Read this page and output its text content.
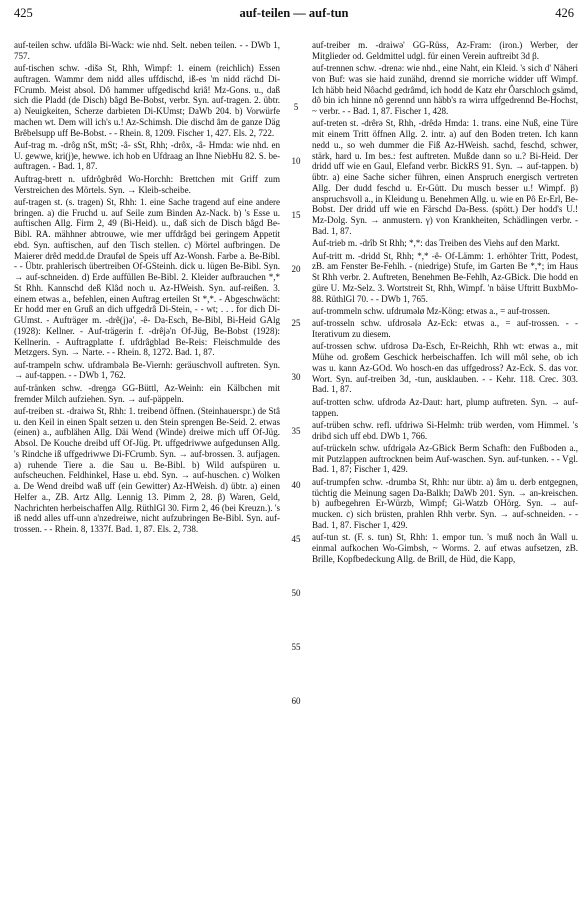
425	auf-teilen — auf-tun	426

auf-teilen schw. ufdâlə Bi-Wack: wie nhd. Selt. neben teilen. - - DWb 1, 757.

auf-tischen schw. -dišə St, Rhh, Wimpf: 1. einem (reichlich) Essen auftragen. Wammr dem nidd alles uffdischd, iß-es 'm nidd rächd Di-FCrumb. Meist absol. Dô hammer uffgedischd kriâ! Mz-Gons. u., daß sich die Pladd (de Disch) bâgd Be-Bobst, verbr. Syn. auf-tragen. 2. übtr. a) Neuigkeiten, Scherze darbieten Di-KUmst; DaWb 204. b) Vorwürfe machen wt. Dem will ich's u.! Az-Schimsh. Die dischd âm de ganze Däg Brêbelsupp uff Be-Bobst. - - Rhein. 8, 1209. Fischer 1, 427. Els. 2, 722.

Auf-trag m. -drôg nSt, mSt; -â- sSt, Rhh; -drôx, -â- Hmda: wie nhd. en U. gewwe, kri(j)e, hewwe. ich hob en Ufdraag an Ihne NiebHu 82. S. be-auftragen. - Bad. 1, 87.

Auftrag-brett n. ufdrôgbrêd Wo-Horchh: Brettchen mit Griff zum Verstreichen des Mörtels. Syn. → Kleib-scheibe.

auf-tragen st. (s. tragen) St, Rhh: 1. eine Sache tragend auf eine andere bringen. a) die Fruchd u. auf Seile zum Binden Az-Nack. b) 's Esse u. auftischen Allg. Firm 2, 49 (Bi-Heid). u., daß sich de Disch bâgd Be-Bibl. RA. mähhner abtrouwe, wie mer uffdrâgd bei geringem Appetit ebd. Syn. auftischen, auf den Tisch stellen. c) Mörtel aufbringen. De Maierer drêd medd.de Drauføl de Speis uff Az-Wonsh. Farbe a. Be-Bibl. - - Übtr. prahlerisch übertreiben Of-GSteinh. dick u. lügen Be-Bibl. Syn. → auf-schneiden. d) Erde auffüllen Be-Bibl. 2. Kleider aufbrauchen *,* St Rhh. Kannschd deß Klâd noch u. Az-HWeish. Syn. auf-reißen. 3. einem etwas a., befehlen, einen Auftrag erteilen St *,*. - Abgeschwächt: Er hodd mer en Gruß an dich uffgedrâ Di-Stein, - - wt; . . . for dich Di-GUmst. - Aufträger m. -drê(j)ə', -ê- Da-Esch, Be-Bibl, Bi-Heid GAlg (1928): Kellner. - Auf-trägerin f. -drêjə'n Of-Jüg, Be-Bobst (1928): Kellnerin. - Auftragplatte f. ufdrâgblad Be-Reis: Fleischmulde des Metzgers. Syn. → Narte. - - Rhein. 8, 1272. Bad. 1, 87.

auf-trampeln schw. ufdrambələ Be-Viernh: geräuschvoll auftreten. Syn. → auf-tappen. - - DWb 1, 762.

auf-tränken schw. -dreŋgə GG-Büttl, Az-Weinh: ein Kälbchen mit fremder Milch aufziehen. Syn. → auf-päppeln.

auf-treiben st. -draiwə St, Rhh: 1. treibend öffnen. (Steinhauerspr.) de Stâ u. den Keil in einen Spalt setzen u. den Stein sprengen Be-Seid. 2. etwas (einen) a., aufblähen Allg. Däi Wend (Winde) dreiwe mich uff Of-Jüg. Absol. De Kouche dreibd uff Of-Jüg. Pt. uffgedriwwe aufgedunsen Allg. 's Rindche iß uffgedriwwe Di-FCrumb. Syn. → auf-brossen. 3. aufjagen. a) ruhende Tiere a. die Sau u. Be-Bibl. b) Wild aufspüren u. aufscheuchen. Feldhinkel, Hase u. ebd. Syn. → auf-huschen. c) Wolken a. De Wend dreibd waß uff (ein Gewitter) Az-HWeish. d) übtr. a) einen Helfer a., ZB. Artz Allg. Lennig 13. Pimm 2, 28. β) Waren, Geld, Nachrichten herbeischaffen Allg. RüthlGl 30. Firm 2, 46 (bei Kreuzn.). 's iß nedd alles uff-unn a'nzedreiwe, nicht aufzubringen Be-Bibl. Syn. auf-trossen. - - Rhein. 8, 1337f. Bad. 1, 87. Els. 2, 738.

5
10
15
20
25
30
35
40
45
50
55
60

auf-treiber m. -draiwə' GG-Rüss, Az-Fram: (iron.) Werber, der Mitglieder od. Geldmittel udgl. für einen Verein auftreibt 3d β.

auf-trennen schw. -drenə: wie nhd., eine Naht, ein Kleid. 's sich d' Näheri von Buf: was sie haid zunähd, drennd sie morriche widder uff Wimpf. Ich häbb heid Nôachd gedrâmd, ich hodd de Katz ehr Ôarschloch gsämd, dô bin ich hinne nô gerennd unn häbb's ra wirra uffgedrennd Be-Hochst, ~ verbr. - - Bad. 1, 87. Fischer 1, 428.

auf-treten st. -drêrə St, Rhh, -drêdə Hmda: 1. trans. eine Nuß, eine Türe mit einem Tritt öffnen Allg. 2. intr. a) auf den Boden treten. Ich kann nedd u., so weh dummer die Fiß Az-HWeish. sachd, feschd, schwer, stärk, hard u. Im bes.: fest auftreten. Mußde dann so u.? Bi-Heid. Der dridd uff wie en Gaul, Elefand verbr. BickRS 91. Syn. → auf-tappen. b) übtr. a) eine Sache sicher führen, einen Anspruch energisch vertreten Allg. Der dudd feschd u. Er-Gütt. Du musch besser u.! Wimpf. β) anspruchsvoll a., in Kleidung u. Benehmen Allg. u. wie en Pô Er-Erl, Be-Bobst. Der dridd uff wie en Färschd Da-Bess. (spött.) Der hodd's U.! Mz-Dolg. Syn. → anmustern. γ) von Krankheiten, Schädlingen verbr. - Bad. 1, 87.

Auf-trieb m. -drîb St Rhh; *,*: das Treiben des Viehs auf den Markt.

Auf-tritt m. -dridd St, Rhh; *,* -ê- Of-Lämm: 1. erhöhter Tritt, Podest, zB. am Fenster Be-Fehlh. - (niedrige) Stufe, im Garten Be *,*; im Haus St Rhh verbr. 2. Auftreten, Benehmen Be-Fehlh, Az-GBick. Die hodd en güre U. Mz-Selz. 3. Wortstreit St, Rhh, Wimpf. 'n bäise Uftritt BuxbMo-88. RüthlGl 70. - - DWb 1, 765.

auf-trommeln schw. ufdruməlø Mz-Köng: etwas a., = auf-trossen.

auf-trosseln schw. ufdrosələ Az-Eck: etwas a., = auf-trossen. - - Iterativum zu diesem.

auf-trossen schw. ufdrosə Da-Esch, Er-Reichh, Rhh wt: etwas a., mit Mühe od. großem Geschick herbeischaffen. Ich will môl sehe, ob ich was u. kann Az-GOd. Wo hosch-en das uffgedross? Az-Eck. S. das vor. Wort. Syn. auf-treiben 3d, -tun, ausklauben. - - Kehr. 118. Crec. 303. Bad. 1, 87.

auf-trotten schw. ufdrodə Az-Daut: hart, plump auftreten. Syn. → auf-tappen.

auf-trüben schw. refl. ufdriwə Si-Helmh: trüb werden, vom Himmel. 's dribd sich uff ebd. DWb 1, 766.

auf-trückeln schw. ufdrigələ Az-GBick Berm Schafh: den Fußboden a., mit Putzlappen auftrocknen beim Auf-waschen. Syn. auf-tunken. - - Vgl. Bad. 1, 87; Fischer 1, 429.

auf-trumpfen schw. -drumbə St, Rhh: nur übtr. a) âm u. derb entgegnen, tüchtig die Meinung sagen Da-Balkh; DaWb 201. Syn. → an-kreischen. b) aufbegehren Er-Würzb, Wimpf; Gi-Watzb OHörg. Syn. → auf-mucken. c) sich brüsten, prahlen Rhh verbr. Syn. → auf-schneiden. - - Bad. 1, 87. Fischer 1, 429.

auf-tun st. (F. s. tun) St, Rhh: 1. empor tun. 's muß noch ân Wall u. einmal aufkochen Wo-Gimbsh, ~ Worms. 2. auf etwas aufsetzen, zB. Brille, Kopfbedeckung Allg. de Brill, de Hüd, die Kapp,
